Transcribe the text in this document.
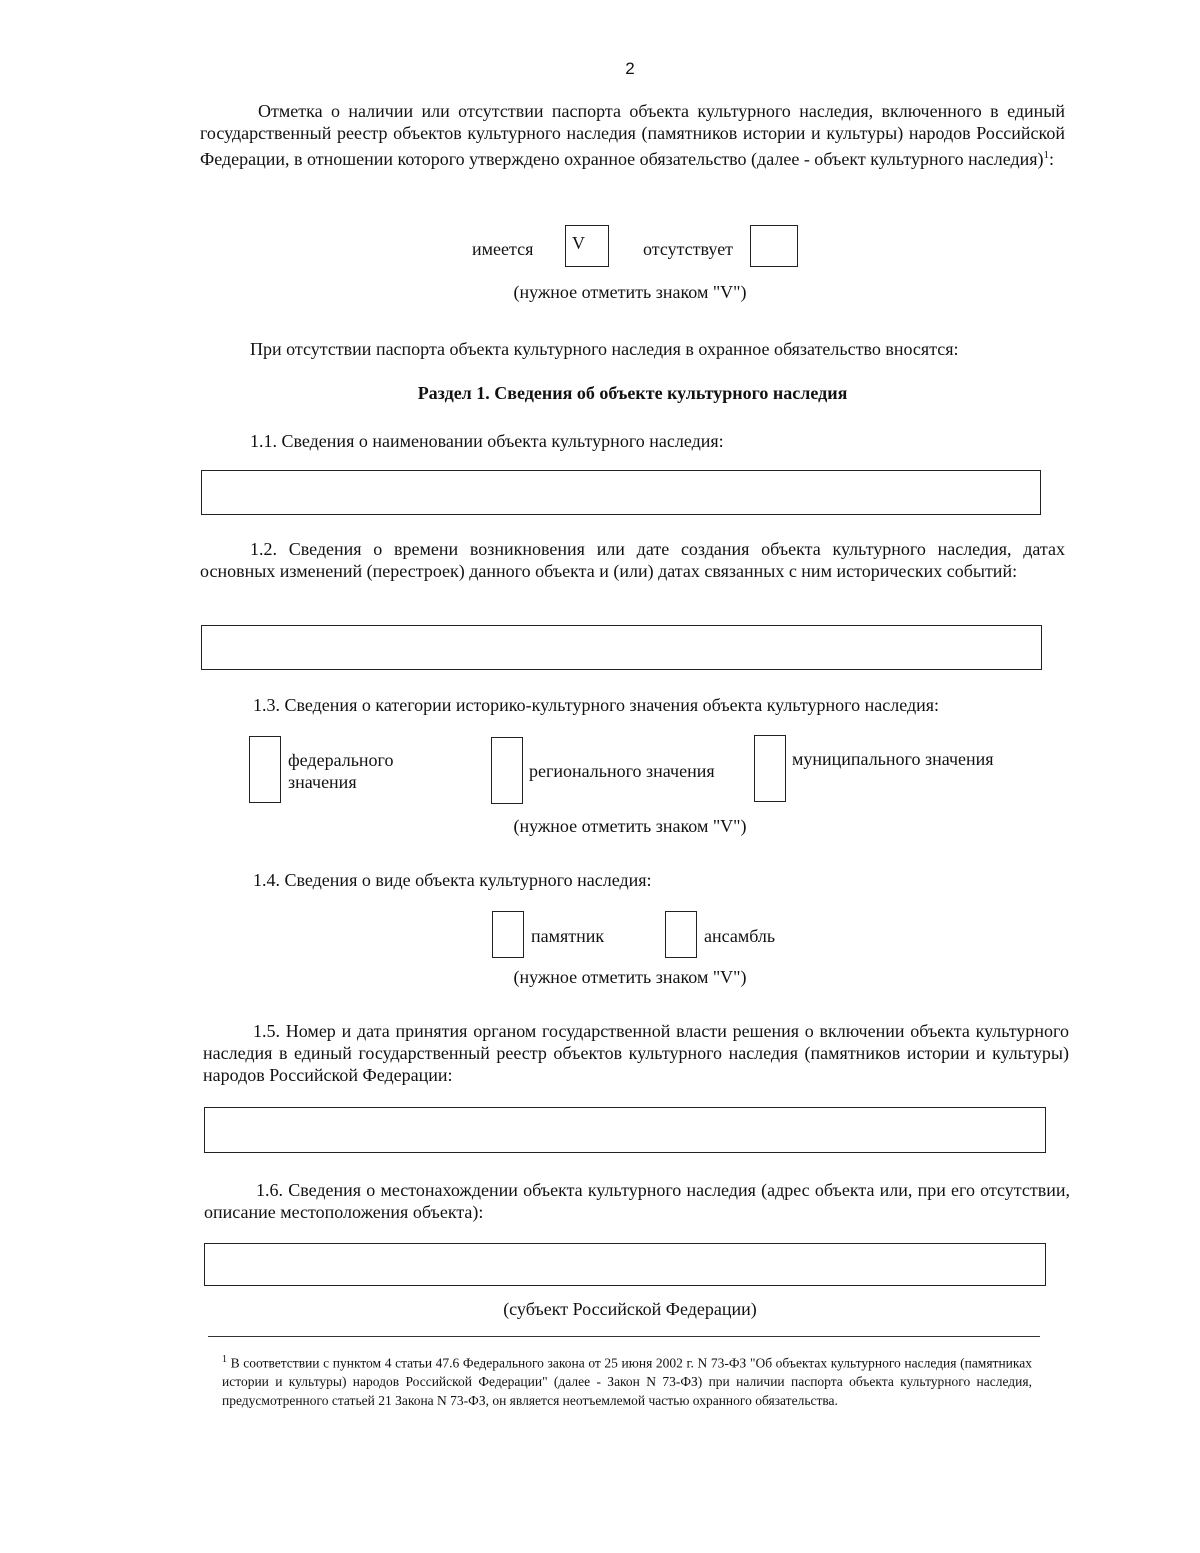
2
Отметка о наличии или отсутствии паспорта объекта культурного наследия, включенного в единый государственный реестр объектов культурного наследия (памятников истории и культуры) народов Российской Федерации, в отношении которого утверждено охранное обязательство (далее - объект культурного наследия)$^1$:
имеется	V	отсутствует
(нужное отметить знаком "V")
При отсутствии паспорта объекта культурного наследия в охранное обязательство вносятся:
Раздел 1. Сведения об объекте культурного наследия
1.1. Сведения о наименовании объекта культурного наследия:
1.2. Сведения о времени возникновения или дате создания объекта культурного наследия, датах основных изменений (перестроек) данного объекта и (или) датах связанных с ним исторических событий:
1.3. Сведения о категории историко-культурного значения объекта культурного наследия:
федерального значения
регионального значения
муниципального значения
(нужное отметить знаком "V")
1.4. Сведения о виде объекта культурного наследия:
памятник	ансамбль
(нужное отметить знаком "V")
1.5. Номер и дата принятия органом государственной власти решения о включении объекта культурного наследия в единый государственный реестр объектов культурного наследия (памятников истории и культуры) народов Российской Федерации:
1.6. Сведения о местонахождении объекта культурного наследия (адрес объекта или, при его отсутствии, описание местоположения объекта):
(субъект Российской Федерации)
$^1$ В соответствии с пунктом 4 статьи 47.6 Федерального закона от 25 июня 2002 г. N 73-ФЗ "Об объектах культурного наследия (памятниках истории и культуры) народов Российской Федерации" (далее - Закон N 73-ФЗ) при наличии паспорта объекта культурного наследия, предусмотренного статьей 21 Закона N 73-ФЗ, он является неотъемлемой частью охранного обязательства.
